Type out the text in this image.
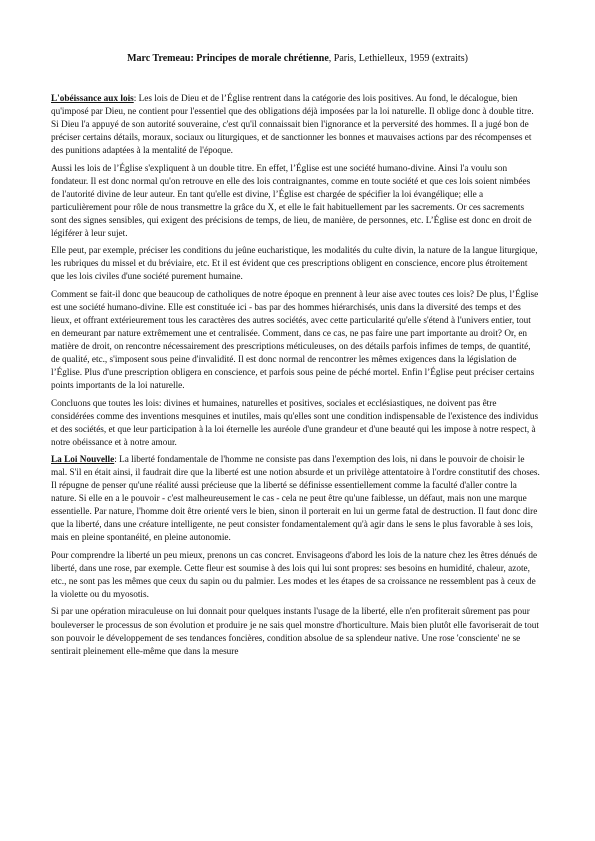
Marc Tremeau: Principes de morale chrétienne, Paris, Lethielleux, 1959 (extraits)

L'obéissance aux lois: Les lois de Dieu et de l’Église rentrent dans la catégorie des lois positives. Au fond, le décalogue, bien qu'imposé par Dieu, ne contient pour l'essentiel que des obligations déjà imposées par la loi naturelle. Il oblige donc à double titre. Si Dieu l'a appuyé de son autorité souveraine, c'est qu'il connaissait bien l'ignorance et la perversité des hommes. Il a jugé bon de préciser certains détails, moraux, sociaux ou liturgiques, et de sanctionner les bonnes et mauvaises actions par des récompenses et des punitions adaptées à la mentalité de l'époque.

Aussi les lois de l’Église s'expliquent à un double titre. En effet, l’Église est une société humano-divine. Ainsi l'a voulu son fondateur. Il est donc normal qu'on retrouve en elle des lois contraignantes, comme en toute société et que ces lois soient nimbées de l'autorité divine de leur auteur. En tant qu'elle est divine, l’Église est chargée de spécifier la loi évangélique; elle a particulièrement pour rôle de nous transmettre la grâce du X, et elle le fait habituellement par les sacrements. Or ces sacrements sont des signes sensibles, qui exigent des précisions de temps, de lieu, de manière, de personnes, etc. L’Église est donc en droit de légiférer à leur sujet.

Elle peut, par exemple, préciser les conditions du jeûne eucharistique, les modalités du culte divin, la nature de la langue liturgique, les rubriques du missel et du bréviaire, etc. Et il est évident que ces prescriptions obligent en conscience, encore plus étroitement que les lois civiles d'une société purement humaine.

Comment se fait-il donc que beaucoup de catholiques de notre époque en prennent à leur aise avec toutes ces lois? De plus, l’Église est une société humano-divine. Elle est constituée ici - bas par des hommes hiérarchisés, unis dans la diversité des temps et des lieux, et offrant extérieurement tous les caractères des autres sociétés, avec cette particularité qu'elle s'étend à l'univers entier, tout en demeurant par nature extrêmement une et centralisée. Comment, dans ce cas, ne pas faire une part importante au droit? Or, en matière de droit, on rencontre nécessairement des prescriptions méticuleuses, on des détails parfois infimes de temps, de quantité, de qualité, etc., s'imposent sous peine d'invalidité. Il est donc normal de rencontrer les mêmes exigences dans la législation de l’Église. Plus d'une prescription obligera en conscience, et parfois sous peine de péché mortel. Enfin l’Église peut préciser certains points importants de la loi naturelle.

Concluons que toutes les lois: divines et humaines, naturelles et positives, sociales et ecclésiastiques, ne doivent pas être considérées comme des inventions mesquines et inutiles, mais qu'elles sont une condition indispensable de l'existence des individus et des sociétés, et que leur participation à la loi éternelle les auréole d'une grandeur et d'une beauté qui les impose à notre respect, à notre obéissance et à notre amour.

La Loi Nouvelle: La liberté fondamentale de l'homme ne consiste pas dans l'exemption des lois, ni dans le pouvoir de choisir le mal. S'il en était ainsi, il faudrait dire que la liberté est une notion absurde et un privilège attentatoire à l'ordre constitutif des choses. Il répugne de penser qu'une réalité aussi précieuse que la liberté se définisse essentiellement comme la faculté d'aller contre la nature. Si elle en a le pouvoir - c'est malheureusement le cas - cela ne peut être qu'une faiblesse, un défaut, mais non une marque essentielle. Par nature, l'homme doit être orienté vers le bien, sinon il porterait en lui un germe fatal de destruction. Il faut donc dire que la liberté, dans une créature intelligente, ne peut consister fondamentalement qu'à agir dans le sens le plus favorable à ses lois, mais en pleine spontanéité, en pleine autonomie.

Pour comprendre la liberté un peu mieux, prenons un cas concret. Envisageons d'abord les lois de la nature chez les êtres dénués de liberté, dans une rose, par exemple. Cette fleur est soumise à des lois qui lui sont propres: ses besoins en humidité, chaleur, azote, etc., ne sont pas les mêmes que ceux du sapin ou du palmier. Les modes et les étapes de sa croissance ne ressemblent pas à ceux de la violette ou du myosotis.

Si par une opération miraculeuse on lui donnait pour quelques instants l'usage de la liberté, elle n'en profiterait sûrement pas pour bouleverser le processus de son évolution et produire je ne sais quel monstre d'horticulture. Mais bien plutôt elle favoriserait de tout son pouvoir le développement de ses tendances foncières, condition absolue de sa splendeur native. Une rose 'consciente' ne se sentirait pleinement elle-même que dans la mesure
